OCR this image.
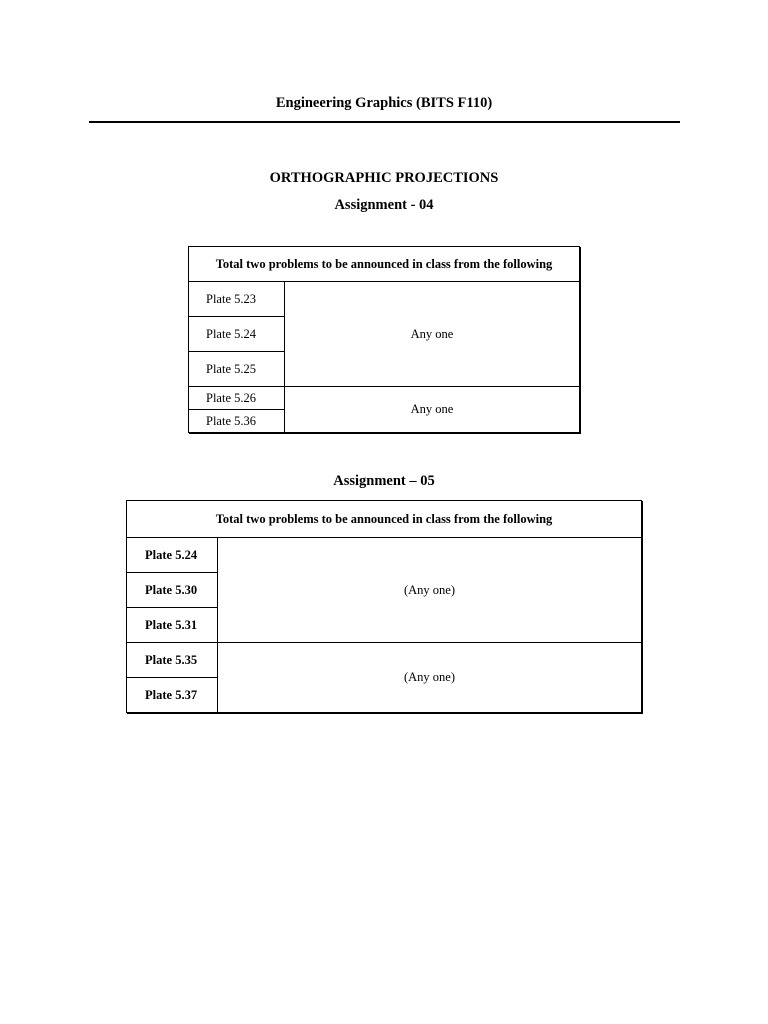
Engineering Graphics (BITS F110)
ORTHOGRAPHIC PROJECTIONS
Assignment - 04
Total two problems to be announced in class from the following	
Plate 5.23	Any one
Plate 5.24	
Plate 5.25	
Plate 5.26	Any one
Plate 5.36	
Assignment – 05
Total two problems to be announced in class from the following	
Plate 5.24	(Any one)
Plate 5.30	
Plate 5.31	
Plate 5.35	(Any one)
Plate 5.37	
